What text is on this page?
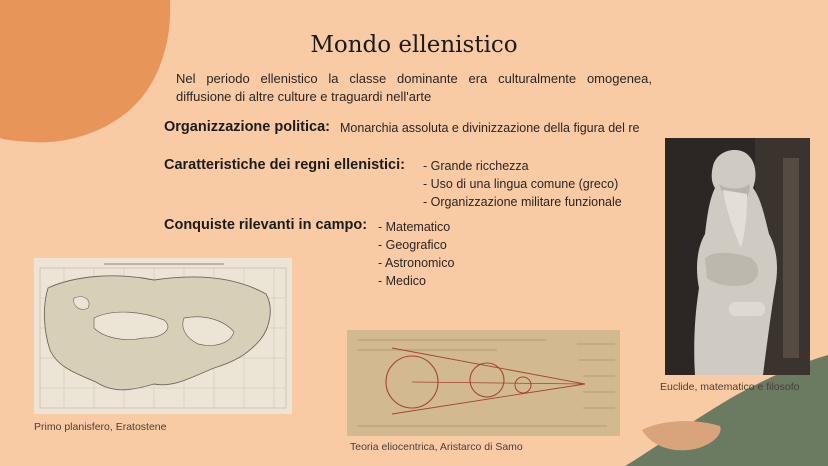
Mondo ellenistico
Nel periodo ellenistico la classe dominante era culturalmente omogenea, diffusione di altre culture e traguardi nell'arte
Organizzazione politica: Monarchia assoluta e divinizzazione della figura del re
Caratteristiche dei regni ellenistici: - Grande ricchezza
- Uso di una lingua comune (greco)
- Organizzazione militare funzionale
Conquiste rilevanti in campo: - Matematico
- Geografico
- Astronomico
- Medico
Primo planisfero, Eratostene
Teoria eliocentrica, Aristarco di Samo
Euclide, matematico e filosofo
